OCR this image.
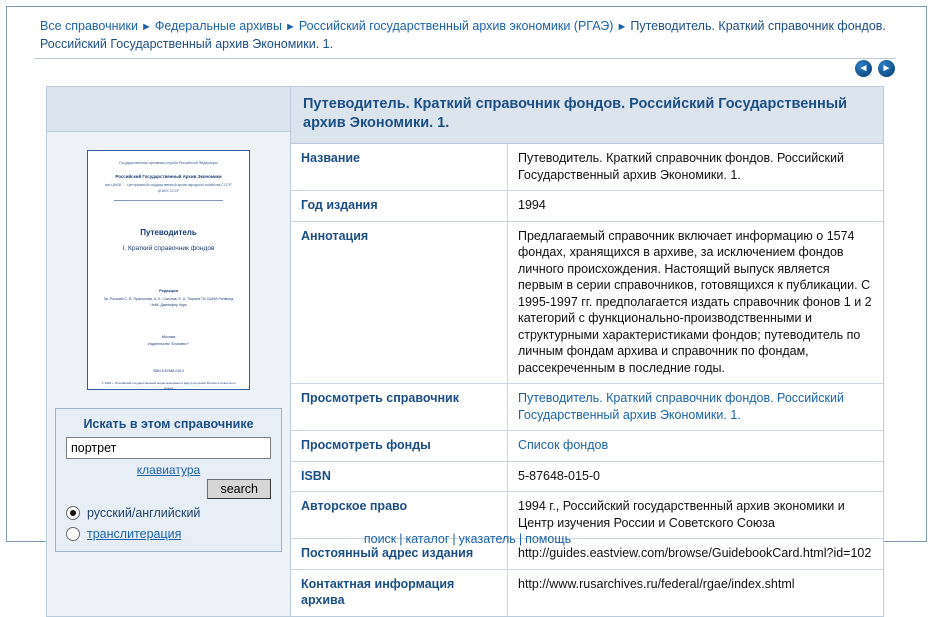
Все справочники ► Федеральные архивы ► Российский государственный архив экономики (РГАЭ) ► Путеводитель. Краткий справочник фондов. Российский Государственный архив Экономики. 1.
◄	►
Государственная архивная служба Российской Федерации
Российский Государственный Архив Экономики
при ЦНИИ "... Центральный государственный архив народного хозяйства СССР"
ЦГАНХ СССР
Путеводитель
I. Краткий справочник фондов
Редакция
Зв. Россией С. В. Прасолова, А. К. Соколов, Е. А. Тюрина По СШНА Ричмонд Чейз, Дженифер Курк
Москва
Издательство "Благовест"
ISBN 5-87648-015-0
© 1994 г., Российский государственный архив экономики и Центр изучения России и Советского Союза
Искать в этом справочнике
портрет
клавиатура
search
русский/английский
транслитерация
Путеводитель. Краткий справочник фондов. Российский Государственный архив Экономики. 1.
Название	Путеводитель. Краткий справочник фондов. Российский Государственный архив Экономики. 1.
Год издания	1994
Аннотация	Предлагаемый справочник включает информацию о 1574 фондах, хранящихся в архиве, за исключением фондов личного происхождения. Настоящий выпуск является первым в серии справочников, готовящихся к публикации. С 1995-1997 гг. предполагается издать справочник фонов 1 и 2 категорий с функционально-производственными и структурными характеристиками фондов; путеводитель по личным фондам архива и справочник по фондам, рассекреченным в последние годы.
Просмотреть справочник	Путеводитель. Краткий справочник фондов. Российский Государственный архив Экономики. 1.
Просмотреть фонды	Список фондов
ISBN	5-87648-015-0
Авторское право	1994 г., Российский государственный архив экономики и Центр изучения России и Советского Союза
Постоянный адрес издания	http://guides.eastview.com/browse/GuidebookCard.html?id=102
Контактная информация архива	http://www.rusarchives.ru/federal/rgae/index.shtml
поиск | каталог | указатель | помощь
